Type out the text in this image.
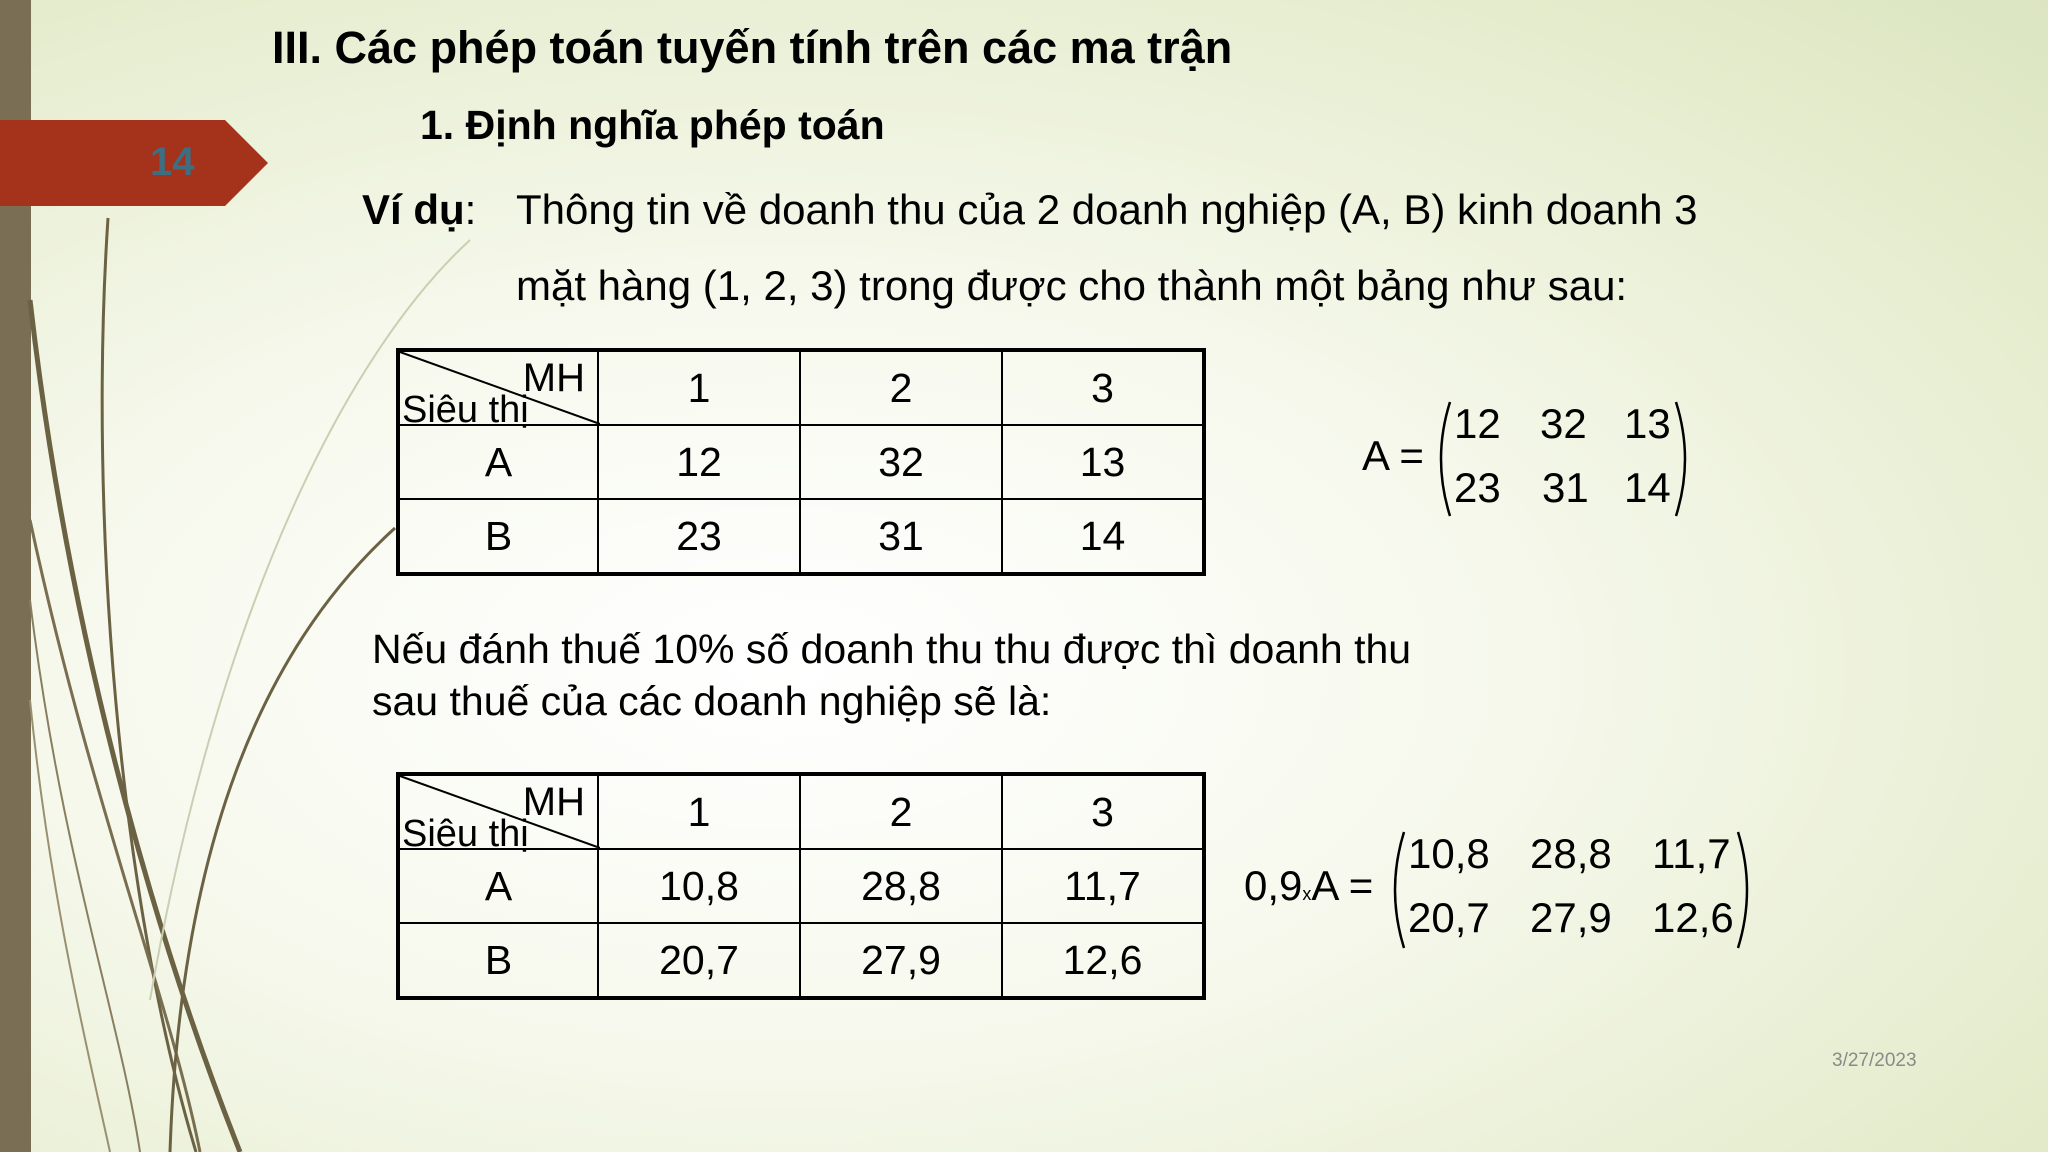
14
III. Các phép toán tuyến tính trên các ma trận
1. Định nghĩa phép toán
Ví dụ: Thông tin về doanh thu của 2 doanh nghiệp (A, B) kinh doanh 3
mặt hàng (1, 2, 3) trong được cho thành một bảng như sau:
MH
Siêu thị	1	2	3
A	12	32	13
B	23	31	14
A =
12 32 13
23 31 14
Nếu đánh thuế 10% số doanh thu thu được thì doanh thu
sau thuế của các doanh nghiệp sẽ là:
MH
Siêu thị	1	2	3
A	10,8	28,8	11,7
B	20,7	27,9	12,6
0,9xA =
10,8 28,8 11,7
20,7 27,9 12,6
3/27/2023
